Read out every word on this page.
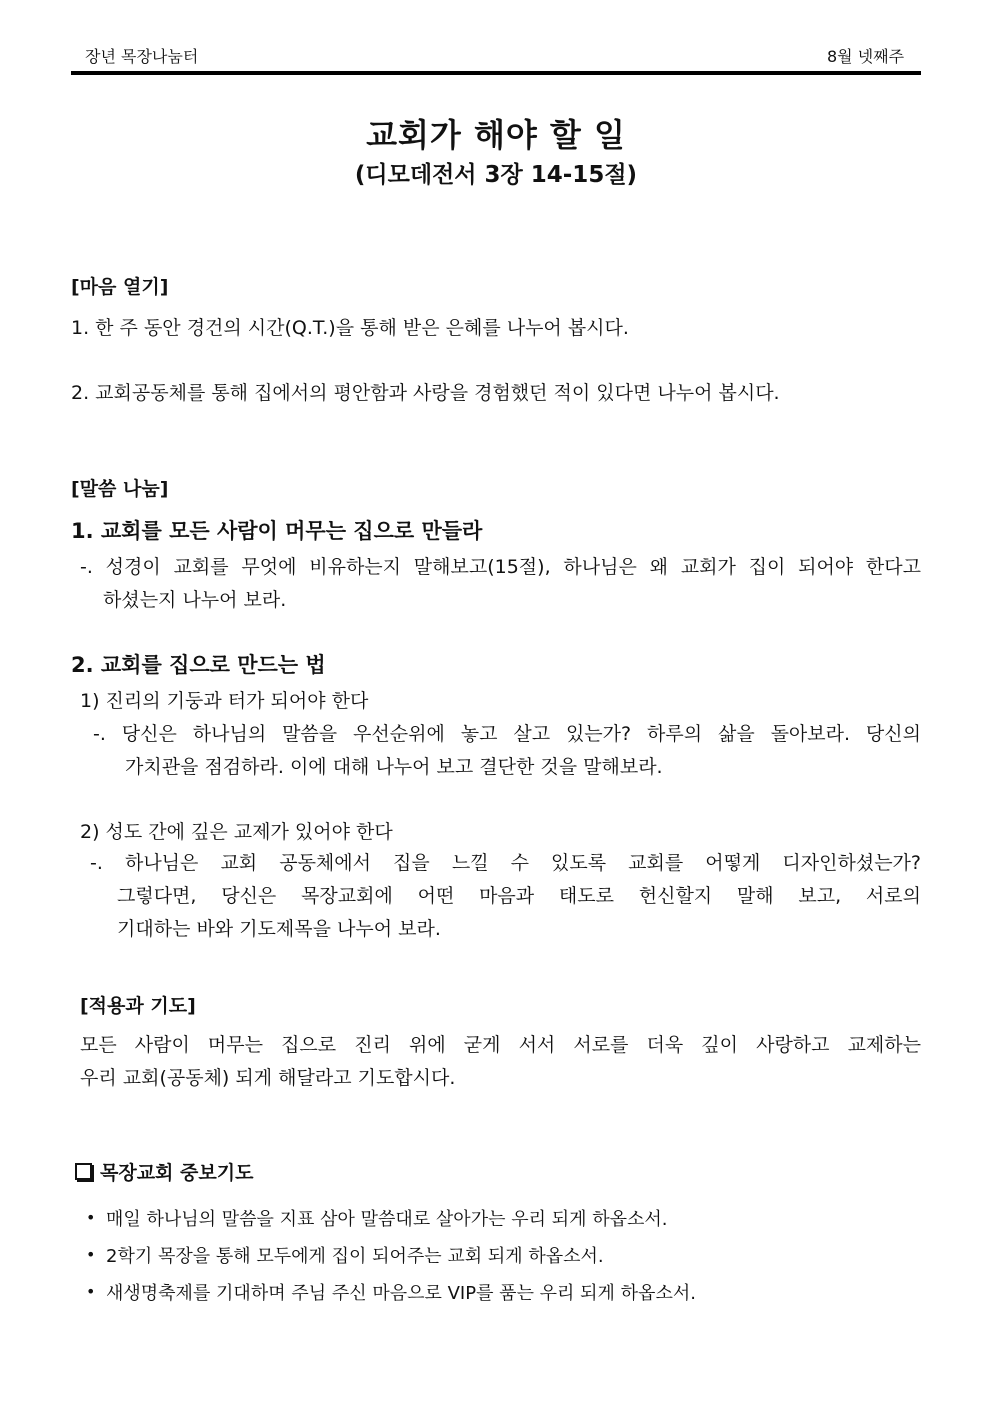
장년 목장나눔터	8월 넷째주
교회가 해야 할 일
(디모데전서 3장 14-15절)
[마음 열기]
1. 한 주 동안 경건의 시간(Q.T.)을 통해 받은 은혜를 나누어 봅시다.
2. 교회공동체를 통해 집에서의 평안함과 사랑을 경험했던 적이 있다면 나누어 봅시다.
[말씀 나눔]
1. 교회를 모든 사람이 머무는 집으로 만들라
-. 성경이 교회를 무엇에 비유하는지 말해보고(15절), 하나님은 왜 교회가 집이 되어야 한다고
하셨는지 나누어 보라.
2. 교회를 집으로 만드는 법
1) 진리의 기둥과 터가 되어야 한다
-. 당신은 하나님의 말씀을 우선순위에 놓고 살고 있는가? 하루의 삶을 돌아보라. 당신의
가치관을 점검하라. 이에 대해 나누어 보고 결단한 것을 말해보라.
2) 성도 간에 깊은 교제가 있어야 한다
-. 하나님은 교회 공동체에서 집을 느낄 수 있도록 교회를 어떻게 디자인하셨는가?
그렇다면, 당신은 목장교회에 어떤 마음과 태도로 헌신할지 말해 보고, 서로의
기대하는 바와 기도제목을 나누어 보라.
[적용과 기도]
모든 사람이 머무는 집으로 진리 위에 굳게 서서 서로를 더욱 깊이 사랑하고 교제하는
우리 교회(공동체) 되게 해달라고 기도합시다.
목장교회 중보기도
• 매일 하나님의 말씀을 지표 삼아 말씀대로 살아가는 우리 되게 하옵소서.
• 2학기 목장을 통해 모두에게 집이 되어주는 교회 되게 하옵소서.
• 새생명축제를 기대하며 주님 주신 마음으로 VIP를 품는 우리 되게 하옵소서.
